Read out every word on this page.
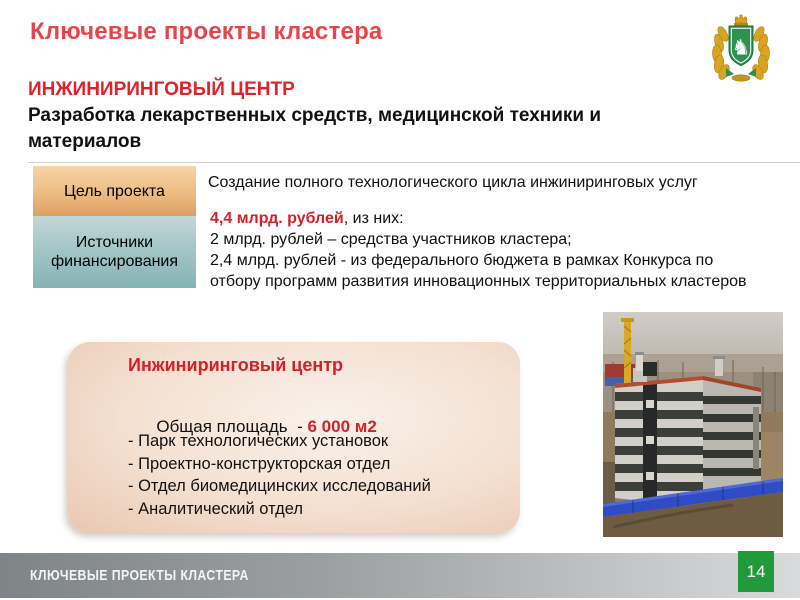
Ключевые проекты кластера
♞
ИНЖИНИРИНГОВЫЙ ЦЕНТР
Разработка лекарственных средств, медицинской техники и материалов
Цель проекта
Источники финансирования
Создание полного технологического цикла инжиниринговых услуг
4,4 млрд. рублей, из них:
2 млрд. рублей – средства участников кластера;
2,4 млрд. рублей - из федерального бюджета в рамках Конкурса по отбору программ развития инновационных территориальных кластеров
Инжиниринговый центр

Общая площадь  - 6 000 м2

- Парк технологических установок
- Проектно-конструкторская отдел
- Отдел биомедицинских исследований
- Аналитический отдел
КЛЮЧЕВЫЕ ПРОЕКТЫ КЛАСТЕРА	14
